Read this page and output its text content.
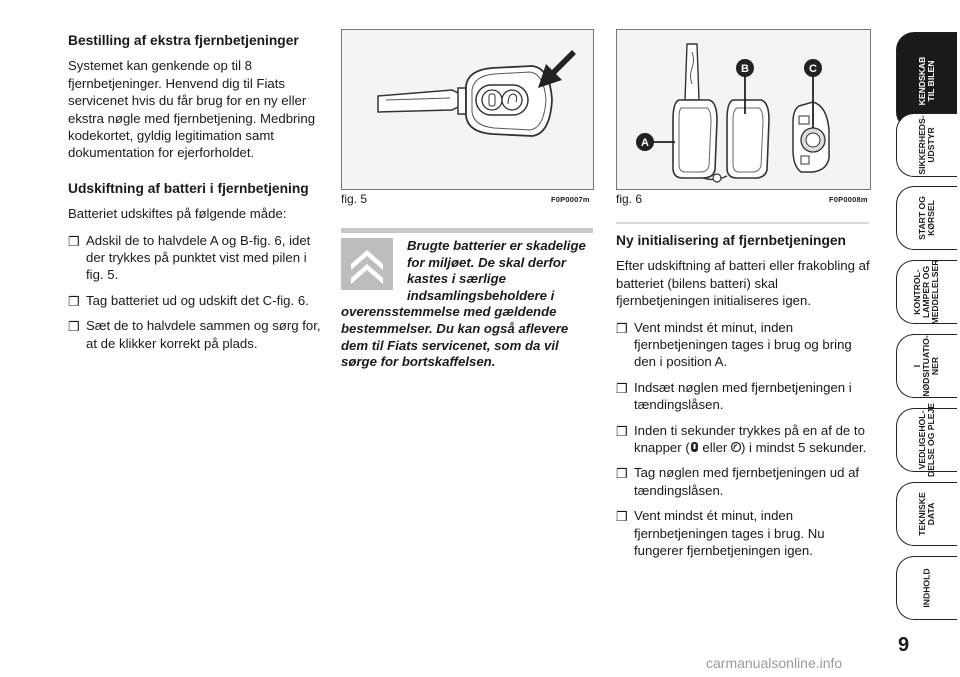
Bestilling af ekstra fjernbetjeninger

Systemet kan genkende op til 8 fjernbetjeninger. Henvend dig til Fiats servicenet hvis du får brug for en ny eller ekstra nøgle med fjernbetjening. Medbring kodekortet, gyldig legitimation samt dokumentation for ejerforholdet.

Udskiftning af batteri i fjernbetjening

Batteriet udskiftes på følgende måde:

❒ Adskil de to halvdele A og B-fig. 6, idet der trykkes på punktet vist med pilen i fig. 5.
❒ Tag batteriet ud og udskift det C-fig. 6.
❒ Sæt de to halvdele sammen og sørg for, at de klikker korrekt på plads.
fig. 5	F0P0007m
A
B	C
fig. 6	F0P0008m
Brugte batterier er skadelige for miljøet. De skal derfor kastes i særlige indsamlingsbeholdere i overensstemmelse med gældende bestemmelser. Du kan også aflevere dem til Fiats servicenet, som da vil sørge for bortskaffelsen.
Ny initialisering af fjernbetjeningen

Efter udskiftning af batteri eller frakobling af batteriet (bilens batteri) skal fjernbetjeningen initialiseres igen.

❒ Vent mindst ét minut, inden fjernbetjeningen tages i brug og bring den i position A.
❒ Indsæt nøglen med fjernbetjeningen i tændingslåsen.
❒ Inden ti sekunder trykkes på en af de to knapper ( eller ) i mindst 5 sekunder.
❒ Tag nøglen med fjernbetjeningen ud af tændingslåsen.
❒ Vent mindst ét minut, inden fjernbetjeningen tages i brug. Nu fungerer fjernbetjeningen igen.
KENDSKAB
TIL BILEN
SIKKERHEDS-
UDSTYR
START OG
KØRSEL
KONTROL-
LAMPER OG
MEDDELELSER
I
NØDSITUATIO-
NER
VEDLIGEHOL-
DELSE OG PLEJE
TEKNISKE
DATA
INDHOLD
9
carmanualsonline.info
